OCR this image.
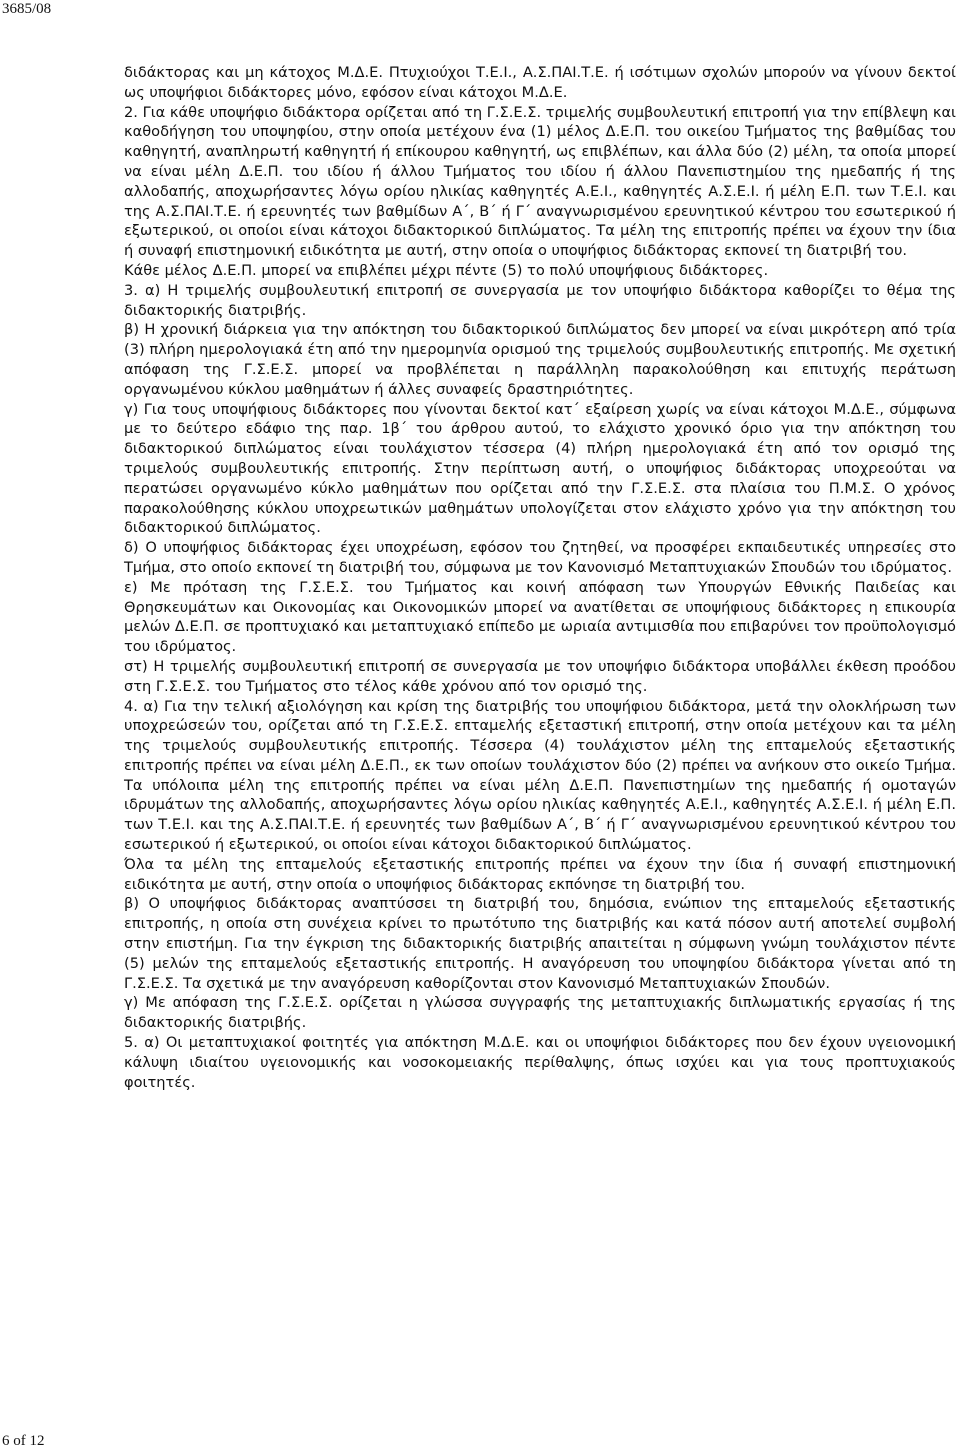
3685/08
διδάκτορας και μη κάτοχος Μ.Δ.Ε. Πτυχιούχοι Τ.Ε.Ι., Α.Σ.ΠΑΙ.Τ.Ε. ή ισότιμων σχολών μπορούν να γίνουν δεκτοί ως υποψήφιοι διδάκτορες μόνο, εφόσον είναι κάτοχοι Μ.Δ.Ε.
2. Για κάθε υποψήφιο διδάκτορα ορίζεται από τη Γ.Σ.Ε.Σ. τριμελής συμβουλευτική επιτροπή για την επίβλεψη και καθοδήγηση του υποψηφίου, στην οποία μετέχουν ένα (1) μέλος Δ.Ε.Π. του οικείου Τμήματος της βαθμίδας του καθηγητή, αναπληρωτή καθηγητή ή επίκουρου καθηγητή, ως επιβλέπων, και άλλα δύο (2) μέλη, τα οποία μπορεί να είναι μέλη Δ.Ε.Π. του ιδίου ή άλλου Τμήματος του ιδίου ή άλλου Πανεπιστημίου της ημεδαπής ή της αλλοδαπής, αποχωρήσαντες λόγω ορίου ηλικίας καθηγητές Α.Ε.Ι., καθηγητές Α.Σ.Ε.Ι. ή μέλη Ε.Π. των Τ.Ε.Ι. και της Α.Σ.ΠΑΙ.Τ.Ε. ή ερευνητές των βαθμίδων Α΄, Β΄ ή Γ΄ αναγνωρισμένου ερευνητικού κέντρου του εσωτερικού ή εξωτερικού, οι οποίοι είναι κάτοχοι διδακτορικού διπλώματος. Τα μέλη της επιτροπής πρέπει να έχουν την ίδια ή συναφή επιστημονική ειδικότητα με αυτή, στην οποία ο υποψήφιος διδάκτορας εκπονεί τη διατριβή του.
Κάθε μέλος Δ.Ε.Π. μπορεί να επιβλέπει μέχρι πέντε (5) το πολύ υποψήφιους διδάκτορες.
3. α) Η τριμελής συμβουλευτική επιτροπή σε συνεργασία με τον υποψήφιο διδάκτορα καθορίζει το θέμα της διδακτορικής διατριβής.
β) Η χρονική διάρκεια για την απόκτηση του διδακτορικού διπλώματος δεν μπορεί να είναι μικρότερη από τρία (3) πλήρη ημερολογιακά έτη από την ημερομηνία ορισμού της τριμελούς συμβουλευτικής επιτροπής. Με σχετική απόφαση της Γ.Σ.Ε.Σ. μπορεί να προβλέπεται η παράλληλη παρακολούθηση και επιτυχής περάτωση οργανωμένου κύκλου μαθημάτων ή άλλες συναφείς δραστηριότητες.
γ) Για τους υποψήφιους διδάκτορες που γίνονται δεκτοί κατ΄ εξαίρεση χωρίς να είναι κάτοχοι Μ.Δ.Ε., σύμφωνα με το δεύτερο εδάφιο της παρ. 1β΄ του άρθρου αυτού, το ελάχιστο χρονικό όριο για την απόκτηση του διδακτορικού διπλώματος είναι τουλάχιστον τέσσερα (4) πλήρη ημερολογιακά έτη από τον ορισμό της τριμελούς συμβουλευτικής επιτροπής. Στην περίπτωση αυτή, ο υποψήφιος διδάκτορας υποχρεούται να περατώσει οργανωμένο κύκλο μαθημάτων που ορίζεται από την Γ.Σ.Ε.Σ. στα πλαίσια του Π.Μ.Σ. Ο χρόνος παρακολούθησης κύκλου υποχρεωτικών μαθημάτων υπολογίζεται στον ελάχιστο χρόνο για την απόκτηση του διδακτορικού διπλώματος.
δ) Ο υποψήφιος διδάκτορας έχει υποχρέωση, εφόσον του ζητηθεί, να προσφέρει εκπαιδευτικές υπηρεσίες στο Τμήμα, στο οποίο εκπονεί τη διατριβή του, σύμφωνα με τον Κανονισμό Μεταπτυχιακών Σπουδών του ιδρύματος.
ε) Με πρόταση της Γ.Σ.Ε.Σ. του Τμήματος και κοινή απόφαση των Υπουργών Εθνικής Παιδείας και Θρησκευμάτων και Οικονομίας και Οικονομικών μπορεί να ανατίθεται σε υποψήφιους διδάκτορες η επικουρία μελών Δ.Ε.Π. σε προπτυχιακό και μεταπτυχιακό επίπεδο με ωριαία αντιμισθία που επιβαρύνει τον προϋπολογισμό του ιδρύματος.
στ) Η τριμελής συμβουλευτική επιτροπή σε συνεργασία με τον υποψήφιο διδάκτορα υποβάλλει έκθεση προόδου στη Γ.Σ.Ε.Σ. του Τμήματος στο τέλος κάθε χρόνου από τον ορισμό της.
4. α) Για την τελική αξιολόγηση και κρίση της διατριβής του υποψήφιου διδάκτορα, μετά την ολοκλήρωση των υποχρεώσεών του, ορίζεται από τη Γ.Σ.Ε.Σ. επταμελής εξεταστική επιτροπή, στην οποία μετέχουν και τα μέλη της τριμελούς συμβουλευτικής επιτροπής. Τέσσερα (4) τουλάχιστον μέλη της επταμελούς εξεταστικής επιτροπής πρέπει να είναι μέλη Δ.Ε.Π., εκ των οποίων τουλάχιστον δύο (2) πρέπει να ανήκουν στο οικείο Τμήμα. Τα υπόλοιπα μέλη της επιτροπής πρέπει να είναι μέλη Δ.Ε.Π. Πανεπιστημίων της ημεδαπής ή ομοταγών ιδρυμάτων της αλλοδαπής, αποχωρήσαντες λόγω ορίου ηλικίας καθηγητές Α.Ε.Ι., καθηγητές Α.Σ.Ε.Ι. ή μέλη Ε.Π. των Τ.Ε.Ι. και της Α.Σ.ΠΑΙ.Τ.Ε. ή ερευνητές των βαθμίδων Α΄, Β΄ ή Γ΄ αναγνωρισμένου ερευνητικού κέντρου του εσωτερικού ή εξωτερικού, οι οποίοι είναι κάτοχοι διδακτορικού διπλώματος.
Όλα τα μέλη της επταμελούς εξεταστικής επιτροπής πρέπει να έχουν την ίδια ή συναφή επιστημονική ειδικότητα με αυτή, στην οποία ο υποψήφιος διδάκτορας εκπόνησε τη διατριβή του.
β) Ο υποψήφιος διδάκτορας αναπτύσσει τη διατριβή του, δημόσια, ενώπιον της επταμελούς εξεταστικής επιτροπής, η οποία στη συνέχεια κρίνει το πρωτότυπο της διατριβής και κατά πόσον αυτή αποτελεί συμβολή στην επιστήμη. Για την έγκριση της διδακτορικής διατριβής απαιτείται η σύμφωνη γνώμη τουλάχιστον πέντε (5) μελών της επταμελούς εξεταστικής επιτροπής. Η αναγόρευση του υποψηφίου διδάκτορα γίνεται από τη Γ.Σ.Ε.Σ. Τα σχετικά με την αναγόρευση καθορίζονται στον Κανονισμό Μεταπτυχιακών Σπουδών.
γ) Με απόφαση της Γ.Σ.Ε.Σ. ορίζεται η γλώσσα συγγραφής της μεταπτυχιακής διπλωματικής εργασίας ή της διδακτορικής διατριβής.
5. α) Οι μεταπτυχιακοί φοιτητές για απόκτηση Μ.Δ.Ε. και οι υποψήφιοι διδάκτορες που δεν έχουν υγειονομική κάλυψη ιδιαίτου υγειονομικής και νοσοκομειακής περίθαλψης, όπως ισχύει και για τους προπτυχιακούς φοιτητές.
6 of 12
